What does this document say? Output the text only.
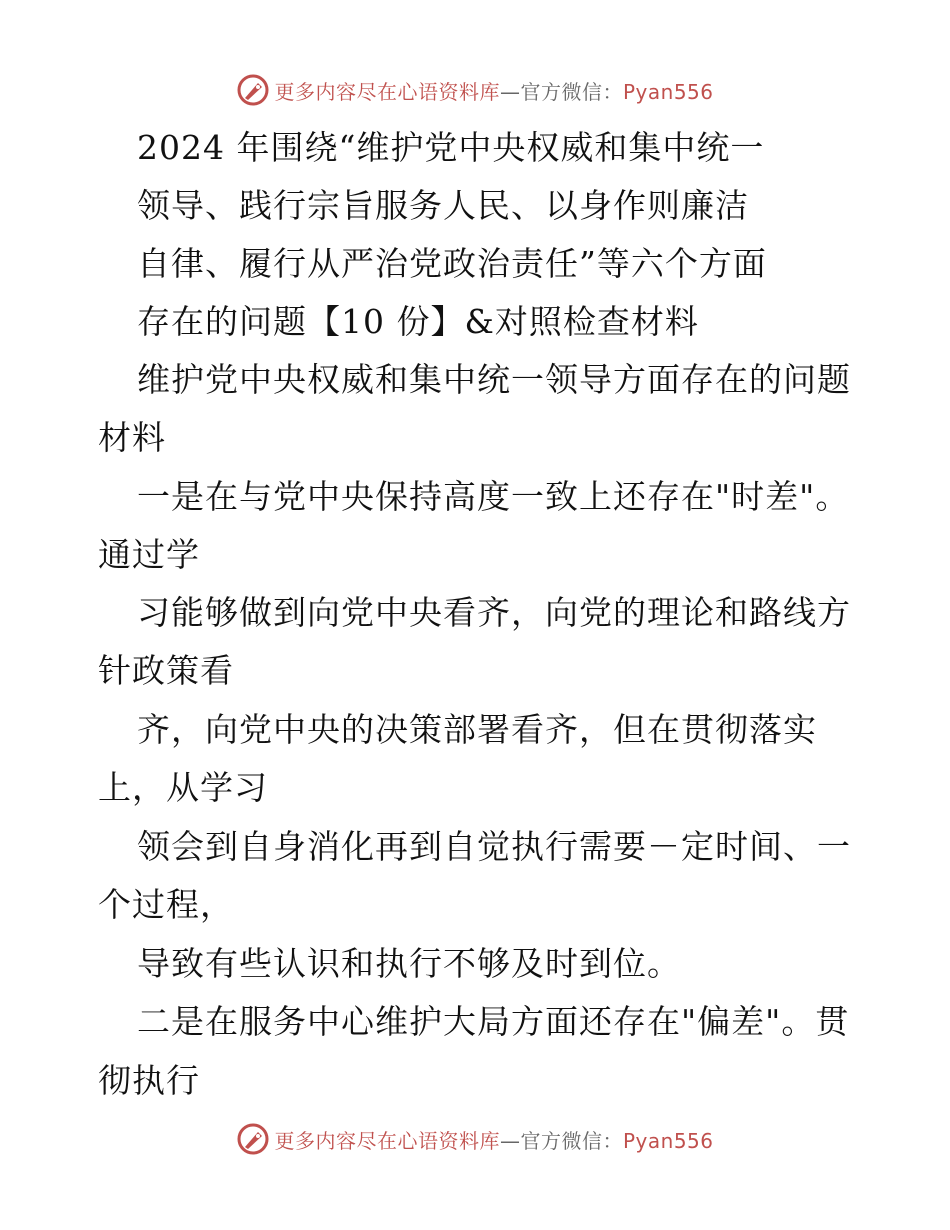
更多内容尽在心语资料库—官方微信：Pyan556
2024 年围绕“维护党中央权威和集中统一
领导、践行宗旨服务人民、以身作则廉洁
自律、履行从严治党政治责任”等六个方面
存在的问题【10 份】&对照检查材料
维护党中央权威和集中统一领导方面存在的问题
材料
一是在与党中央保持高度一致上还存在"时差"。
通过学
习能够做到向党中央看齐，向党的理论和路线方
针政策看
齐，向党中央的决策部署看齐，但在贯彻落实
上，从学习
领会到自身消化再到自觉执行需要－定时间、一
个过程，
导致有些认识和执行不够及时到位。
二是在服务中心维护大局方面还存在"偏差"。贯
彻执行
更多内容尽在心语资料库—官方微信：Pyan556
